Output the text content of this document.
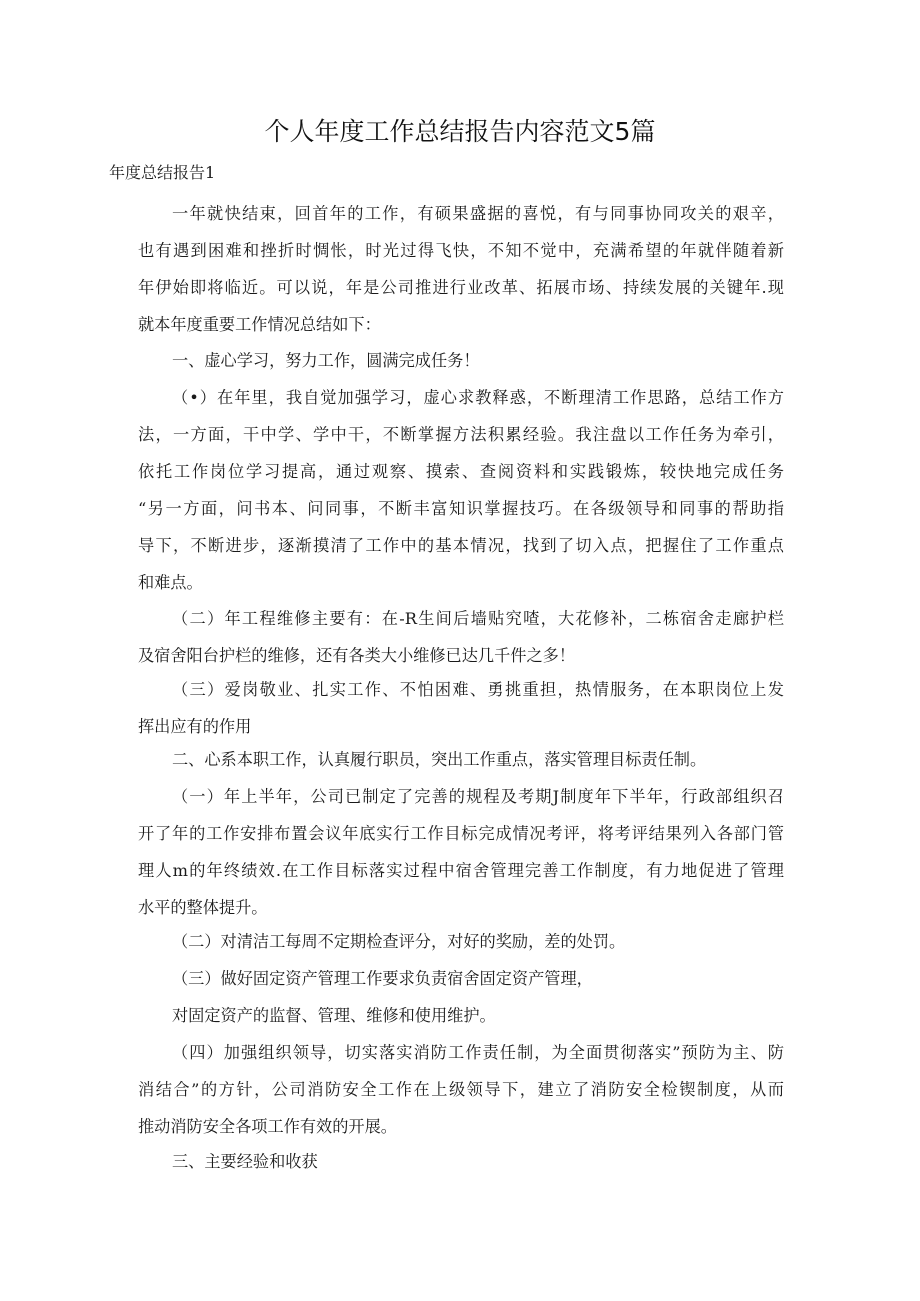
个人年度工作总结报告内容范文5篇
年度总结报告1
一年就快结束，回首年的工作，有硕果盛据的喜悦，有与同事协同攻关的艰辛，
也有遇到困难和挫折时惆怅，时光过得飞快，不知不觉中，充满希望的年就伴随着新
年伊始即将临近。可以说，年是公司推进行业改革、拓展市场、持续发展的关键年.现
就本年度重要工作情况总结如下：
一、虚心学习，努力工作，圆满完成任务！
（•）在年里，我自觉加强学习，虚心求教释惑，不断理清工作思路，总结工作方
法，一方面，干中学、学中干，不断掌握方法积累经验。我注盘以工作任务为牵引，
依托工作岗位学习提高，通过观察、摸索、查阅资料和实践锻炼，较快地完成任务
“另一方面，问书本、问同事，不断丰富知识掌握技巧。在各级领导和同事的帮助指
导下，不断进步，逐渐摸清了工作中的基本情况，找到了切入点，把握住了工作重点
和难点。
（二）年工程维修主要有：在-R生间后墙贴究喳，大花修补，二栋宿舍走廊护栏
及宿舍阳台护栏的维修，还有各类大小维修已达几千件之多！
（三）爱岗敬业、扎实工作、不怕困难、勇挑重担，热情服务，在本职岗位上发
挥出应有的作用
二、心系本职工作，认真履行职员，突出工作重点，落实管理目标责任制。
（一）年上半年，公司已制定了完善的规程及考期J制度年下半年，行政部组织召
开了年的工作安排布置会议年底实行工作目标完成情况考评，将考评结果列入各部门管
理人m的年终绩效.在工作目标落实过程中宿舍管理完善工作制度，有力地促进了管理
水平的整体提升。
（二）对清洁工每周不定期检查评分，对好的奖励，差的处罚。
（三）做好固定资产管理工作要求负责宿舍固定资产管理，
对固定资产的监督、管理、维修和使用维护。
（四）加强组织领导，切实落实消防工作责任制，为全面贯彻落实”预防为主、防
消结合”的方针，公司消防安全工作在上级领导下，建立了消防安全检锲制度，从而
推动消防安全各项工作有效的开展。
三、主要经验和收获
